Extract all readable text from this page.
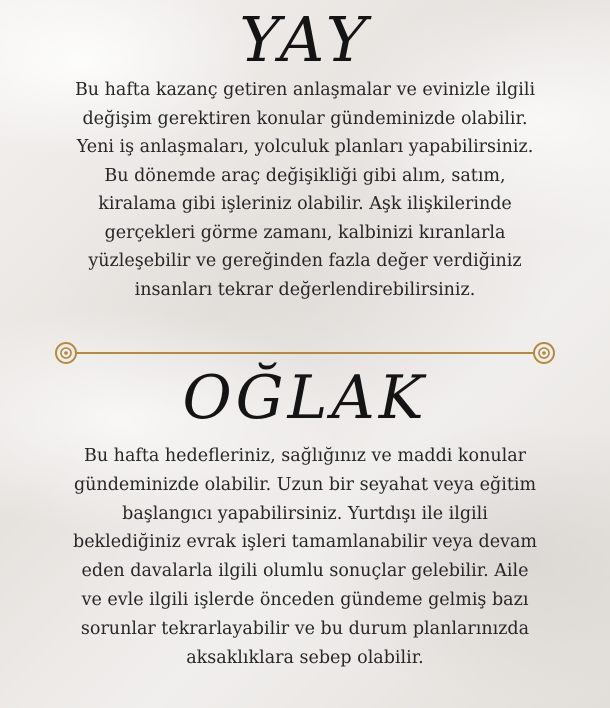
YAY

Bu hafta kazanç getiren anlaşmalar ve evinizle ilgili
değişim gerektiren konular gündeminizde olabilir.
Yeni iş anlaşmaları, yolculuk planları yapabilirsiniz.
Bu dönemde araç değişikliği gibi alım, satım,
kiralama gibi işleriniz olabilir. Aşk ilişkilerinde
gerçekleri görme zamanı, kalbinizi kıranlarla
yüzleşebilir ve gereğinden fazla değer verdiğiniz
insanları tekrar değerlendirebilirsiniz.

OĞLAK

Bu hafta hedefleriniz, sağlığınız ve maddi konular
gündeminizde olabilir. Uzun bir seyahat veya eğitim
başlangıcı yapabilirsiniz. Yurtdışı ile ilgili
beklediğiniz evrak işleri tamamlanabilir veya devam
eden davalarla ilgili olumlu sonuçlar gelebilir. Aile
ve evle ilgili işlerde önceden gündeme gelmiş bazı
sorunlar tekrarlayabilir ve bu durum planlarınızda
aksaklıklara sebep olabilir.
